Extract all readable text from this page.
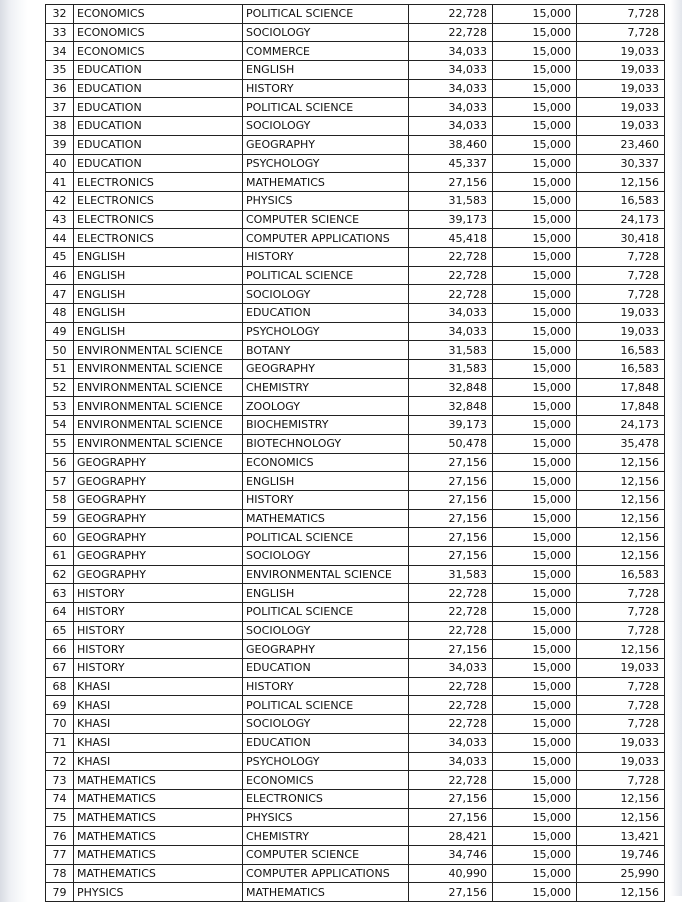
32	ECONOMICS	POLITICAL SCIENCE	22,728	15,000	7,728
33	ECONOMICS	SOCIOLOGY	22,728	15,000	7,728
34	ECONOMICS	COMMERCE	34,033	15,000	19,033
35	EDUCATION	ENGLISH	34,033	15,000	19,033
36	EDUCATION	HISTORY	34,033	15,000	19,033
37	EDUCATION	POLITICAL SCIENCE	34,033	15,000	19,033
38	EDUCATION	SOCIOLOGY	34,033	15,000	19,033
39	EDUCATION	GEOGRAPHY	38,460	15,000	23,460
40	EDUCATION	PSYCHOLOGY	45,337	15,000	30,337
41	ELECTRONICS	MATHEMATICS	27,156	15,000	12,156
42	ELECTRONICS	PHYSICS	31,583	15,000	16,583
43	ELECTRONICS	COMPUTER SCIENCE	39,173	15,000	24,173
44	ELECTRONICS	COMPUTER APPLICATIONS	45,418	15,000	30,418
45	ENGLISH	HISTORY	22,728	15,000	7,728
46	ENGLISH	POLITICAL SCIENCE	22,728	15,000	7,728
47	ENGLISH	SOCIOLOGY	22,728	15,000	7,728
48	ENGLISH	EDUCATION	34,033	15,000	19,033
49	ENGLISH	PSYCHOLOGY	34,033	15,000	19,033
50	ENVIRONMENTAL SCIENCE	BOTANY	31,583	15,000	16,583
51	ENVIRONMENTAL SCIENCE	GEOGRAPHY	31,583	15,000	16,583
52	ENVIRONMENTAL SCIENCE	CHEMISTRY	32,848	15,000	17,848
53	ENVIRONMENTAL SCIENCE	ZOOLOGY	32,848	15,000	17,848
54	ENVIRONMENTAL SCIENCE	BIOCHEMISTRY	39,173	15,000	24,173
55	ENVIRONMENTAL SCIENCE	BIOTECHNOLOGY	50,478	15,000	35,478
56	GEOGRAPHY	ECONOMICS	27,156	15,000	12,156
57	GEOGRAPHY	ENGLISH	27,156	15,000	12,156
58	GEOGRAPHY	HISTORY	27,156	15,000	12,156
59	GEOGRAPHY	MATHEMATICS	27,156	15,000	12,156
60	GEOGRAPHY	POLITICAL SCIENCE	27,156	15,000	12,156
61	GEOGRAPHY	SOCIOLOGY	27,156	15,000	12,156
62	GEOGRAPHY	ENVIRONMENTAL SCIENCE	31,583	15,000	16,583
63	HISTORY	ENGLISH	22,728	15,000	7,728
64	HISTORY	POLITICAL SCIENCE	22,728	15,000	7,728
65	HISTORY	SOCIOLOGY	22,728	15,000	7,728
66	HISTORY	GEOGRAPHY	27,156	15,000	12,156
67	HISTORY	EDUCATION	34,033	15,000	19,033
68	KHASI	HISTORY	22,728	15,000	7,728
69	KHASI	POLITICAL SCIENCE	22,728	15,000	7,728
70	KHASI	SOCIOLOGY	22,728	15,000	7,728
71	KHASI	EDUCATION	34,033	15,000	19,033
72	KHASI	PSYCHOLOGY	34,033	15,000	19,033
73	MATHEMATICS	ECONOMICS	22,728	15,000	7,728
74	MATHEMATICS	ELECTRONICS	27,156	15,000	12,156
75	MATHEMATICS	PHYSICS	27,156	15,000	12,156
76	MATHEMATICS	CHEMISTRY	28,421	15,000	13,421
77	MATHEMATICS	COMPUTER SCIENCE	34,746	15,000	19,746
78	MATHEMATICS	COMPUTER APPLICATIONS	40,990	15,000	25,990
79	PHYSICS	MATHEMATICS	27,156	15,000	12,156
